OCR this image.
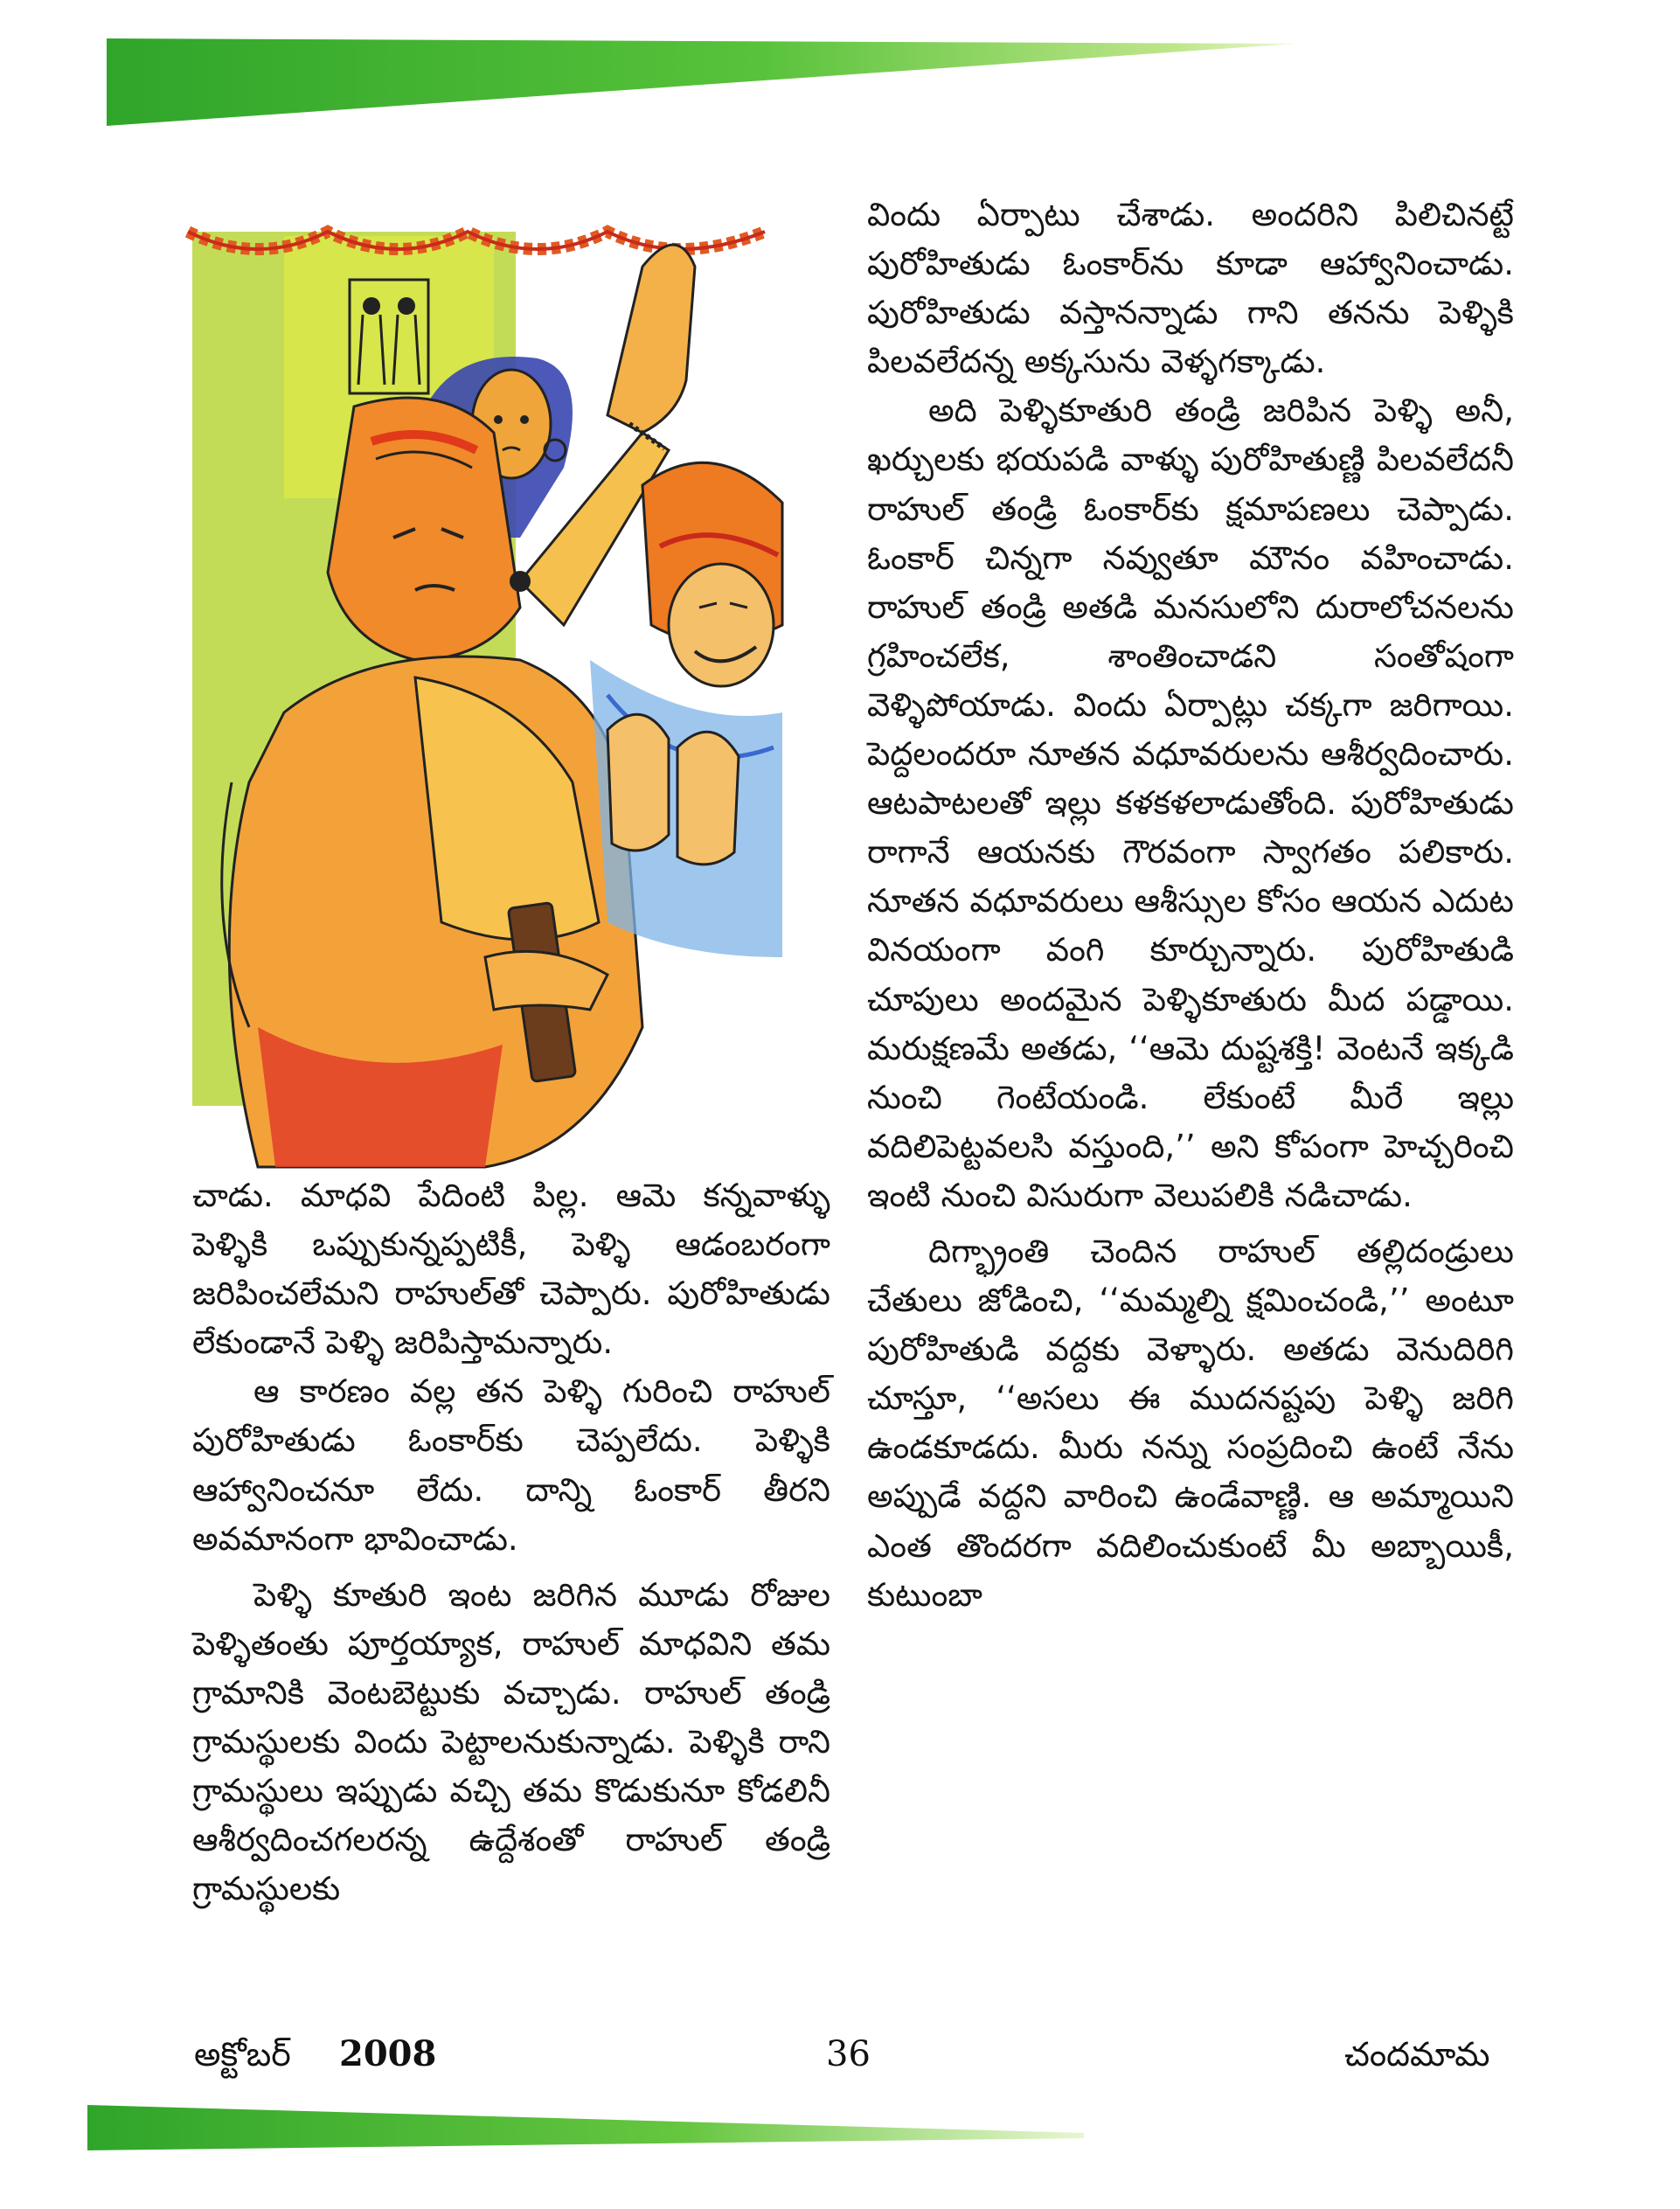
విందు ఏర్పాటు చేశాడు. అందరిని పిలిచినట్టే పురోహితుడు ఓంకార్‌ను కూడా ఆహ్వానించాడు. పురోహితుడు వస్తానన్నాడు గాని తనను పెళ్ళికి పిలవలేదన్న అక్కసును వెళ్ళగక్కాడు.

అది పెళ్ళికూతురి తండ్రి జరిపిన పెళ్ళి అనీ, ఖర్చులకు భయపడి వాళ్ళు పురోహితుణ్ణి పిలవలేదనీ రాహుల్ తండ్రి ఓంకార్‌కు క్షమాపణలు చెప్పాడు. ఓంకార్ చిన్నగా నవ్వుతూ మౌనం వహించాడు. రాహుల్ తండ్రి అతడి మనసులోని దురాలోచనలను గ్రహించలేక, శాంతించాడని సంతోషంగా వెళ్ళిపోయాడు. విందు ఏర్పాట్లు చక్కగా జరిగాయి. పెద్దలందరూ నూతన వధూవరులను ఆశీర్వదించారు. ఆటపాటలతో ఇల్లు కళకళలాడుతోంది. పురోహితుడు రాగానే ఆయనకు గౌరవంగా స్వాగతం పలికారు. నూతన వధూవరులు ఆశీస్సుల కోసం ఆయన ఎదుట వినయంగా వంగి కూర్చున్నారు. పురోహితుడి చూపులు అందమైన పెళ్ళికూతురు మీద పడ్డాయి. మరుక్షణమే అతడు, ‘‘ఆమె దుష్టశక్తి! వెంటనే ఇక్కడి నుంచి గెంటేయండి. లేకుంటే మీరే ఇల్లు వదిలిపెట్టవలసి వస్తుంది,’’ అని కోపంగా హెచ్చరించి ఇంటి నుంచి విసురుగా వెలుపలికి నడిచాడు.

దిగ్భ్రాంతి చెందిన రాహుల్ తల్లిదండ్రులు చేతులు జోడించి, ‘‘మమ్మల్ని క్షమించండి,’’ అంటూ పురోహితుడి వద్దకు వెళ్ళారు. అతడు వెనుదిరిగి చూస్తూ, ‘‘అసలు ఈ ముదనష్టపు పెళ్ళి జరిగి ఉండకూడదు. మీరు నన్ను సంప్రదించి ఉంటే నేను అప్పుడే వద్దని వారించి ఉండేవాణ్ణి. ఆ అమ్మాయిని ఎంత తొందరగా వదిలించుకుంటే మీ అబ్బాయికీ, కుటుంబా

చాడు. మాధవి పేదింటి పిల్ల. ఆమె కన్నవాళ్ళు పెళ్ళికి ఒప్పుకున్నప్పటికీ, పెళ్ళి ఆడంబరంగా జరిపించలేమని రాహుల్‌తో చెప్పారు. పురోహితుడు లేకుండానే పెళ్ళి జరిపిస్తామన్నారు.

ఆ కారణం వల్ల తన పెళ్ళి గురించి రాహుల్ పురోహితుడు ఓంకార్‌కు చెప్పలేదు. పెళ్ళికి ఆహ్వానించనూ లేదు. దాన్ని ఓంకార్ తీరని అవమానంగా భావించాడు.

పెళ్ళి కూతురి ఇంట జరిగిన మూడు రోజుల పెళ్ళితంతు పూర్తయ్యాక, రాహుల్ మాధవిని తమ గ్రామానికి వెంటబెట్టుకు వచ్చాడు. రాహుల్ తండ్రి గ్రామస్థులకు విందు పెట్టాలనుకున్నాడు. పెళ్ళికి రాని గ్రామస్థులు ఇప్పుడు వచ్చి తమ కొడుకునూ కోడలినీ ఆశీర్వదించగలరన్న ఉద్దేశంతో రాహుల్ తండ్రి గ్రామస్థులకు

అక్టోబర్ 2008	36	చందమామ
